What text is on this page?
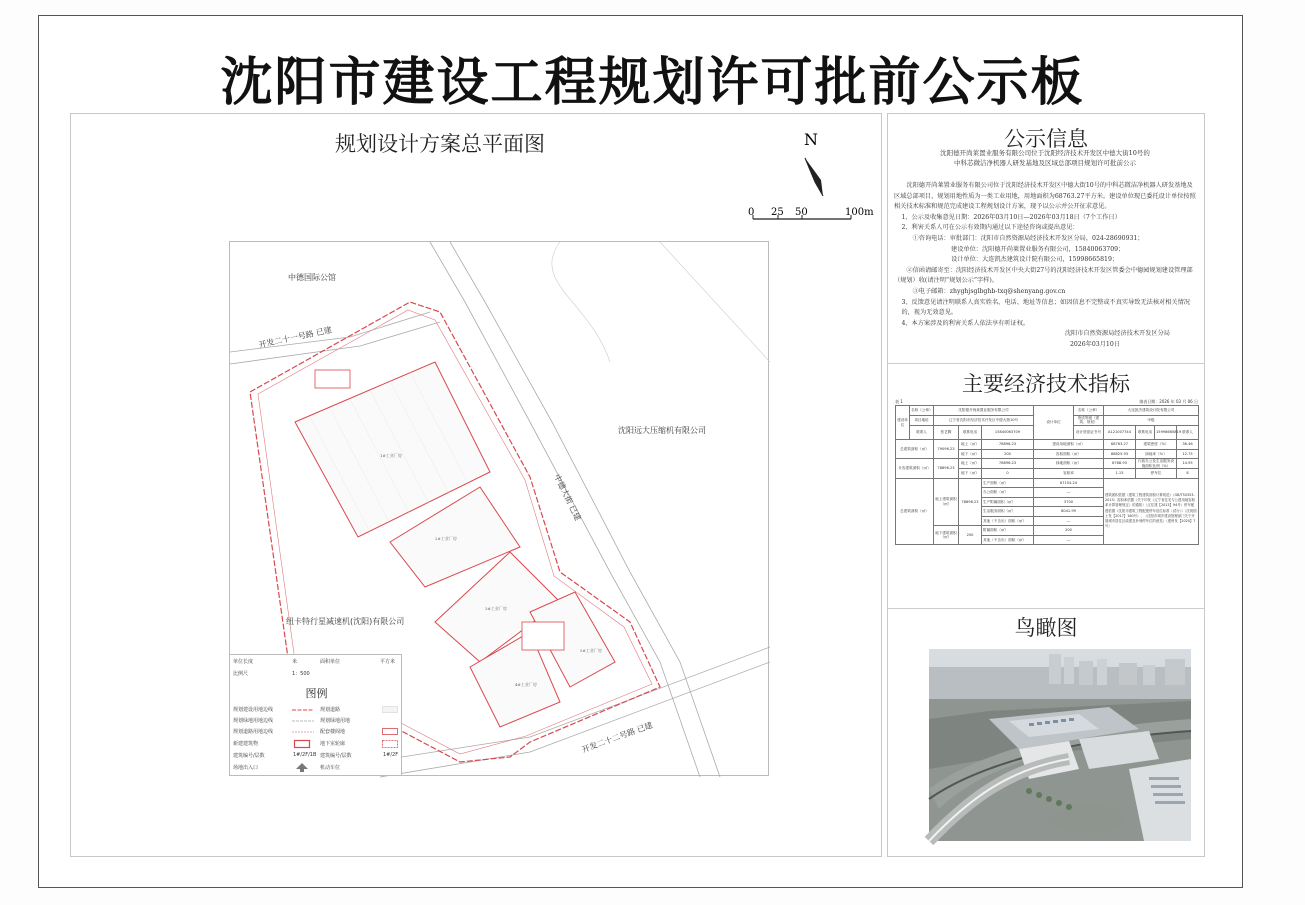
沈阳市建设工程规划许可批前公示板
规划设计方案总平面图	N
0 25 50	100m
1#工业厂房
2#工业厂房
3#工业厂房
4#工业厂房
5#工业厂房
中德国际公馆
开发二十一号路 已建
沈阳远大压缩机有限公司
中德大街 已建
纽卡特行星减速机(沈阳)有限公司
开发二十二号路 已建
单位长度	米	面积单位	平方米
比例尺	1：500
图例
规划建设用地边线	规划道路
规划绿地用地边线	规划绿地用地
规划道路用地边线	配套楼阁地
新建建筑物	地下室轮廓
建筑编号/层数	1#/2F/1B 建筑编号/层数	1#/2F
场地出入口	机动车位
公示信息
沈阳德开尚莱置业服务有限公司位于沈阳经济技术开发区中德大街10号的
中科芯微洁净机器人研发基地及区域总部项目规划许可批前公示

沈阳德开尚莱置业服务有限公司位于沈阳经济技术开发区中德大街10号的中科芯微洁净机器人研发基地及区域总部项目，规划用地性质为一类工业用地，用地面积为68763.27平方米。建设单位现已委托设计单位按照相关技术标准和规范完成建设工程规划设计方案，现予以公示并公开征求意见。

1、公示及收集意见日期：2026年03月10日—2026年03月18日（7个工作日）

2、利害关系人可在公示有效期内通过以下途径咨询或提出意见：

①咨询电话：审批部门：沈阳市自然资源局经济技术开发区分局，024-28690931；

建设单位：沈阳德开尚莱置业服务有限公司，15840063709；

设计单位：大连凯杰建筑设计院有限公司，15998665819；

②信函请邮寄至：沈阳经济技术开发区中央大街27号的沈阳经济技术开发区管委会中德园规划建设管理部（规划）收(请注明“规划公示”字样)。

③电子邮箱：zhyghjsglbghb-txq@shenyang.gov.cn

3、反馈意见请注明联系人真实姓名、电话、地址等信息；如因信息不完整或不真实导致无法核对相关情况的，视为无效意见。

4、本方案涉及的利害关系人依法享有听证权。

沈阳市自然资源局经济技术开发区分局

2026年03月10日

主要经济技术指标
表 1	填表日期：2026 年 03 月 06 日
建设单位	名称（公章）	沈阳德开尚莱置业服务有限公司			设计单位	名称（公章）	大连凯杰建筑设计院有限公司				
	项目地址	辽宁省沈阳市经济技术开发区中德大街10号				资质等级（建筑、规划）	甲级				
	联系人	张艺腾	联系电话	15840063709		设计资质证书号	A121007744	联系电话	15998665819	联系人	
总建筑面积（㎡）		79096.23	地上（㎡）	78896.23	建设用地面积（㎡）		68763.27	建筑密度（%）		36.46	
			地下（㎡）	200	容积面积（㎡）		88825.93	绿地率（%）		12.75	
计容建筑面积（㎡）		78896.23	地上（㎡）	78896.23	绿地面积（㎡）		8768.93	行政办公及生活服务设施面积比例（%）		14.95	
			地下（㎡）	0	容积率		1.15	停车位		8	
总建筑面积（㎡）		地上建筑面积（㎡）	78896.23	生产面积（㎡）	67154.24		建筑面积依据《建筑工程建筑面积计算规范》（GB/T50353-2013）容积率依据《关于印发《辽宁省住宅与公建用地容积率计算管理规定》的通知》（辽住建【2013】94号）停车配建依据《沈阳市建筑工程配建停车泊位标准（试行）》（沈规国土发【2017】160号）、《沈阳市城乡建设管理部门关于开展城市居住区改建及补划停车位的意见》（建科发【2020】7号）				
				办公面积（㎡）	—						
				生产附属面积（㎡）	3700						
				生活服务面积（㎡）	8041.99						
				其他（不含出）面积（㎡）	—						
		地下建筑面积（㎡）	200	附属面积（㎡）	200						
				其他（不含出）面积（㎡）	—						
鸟瞰图
